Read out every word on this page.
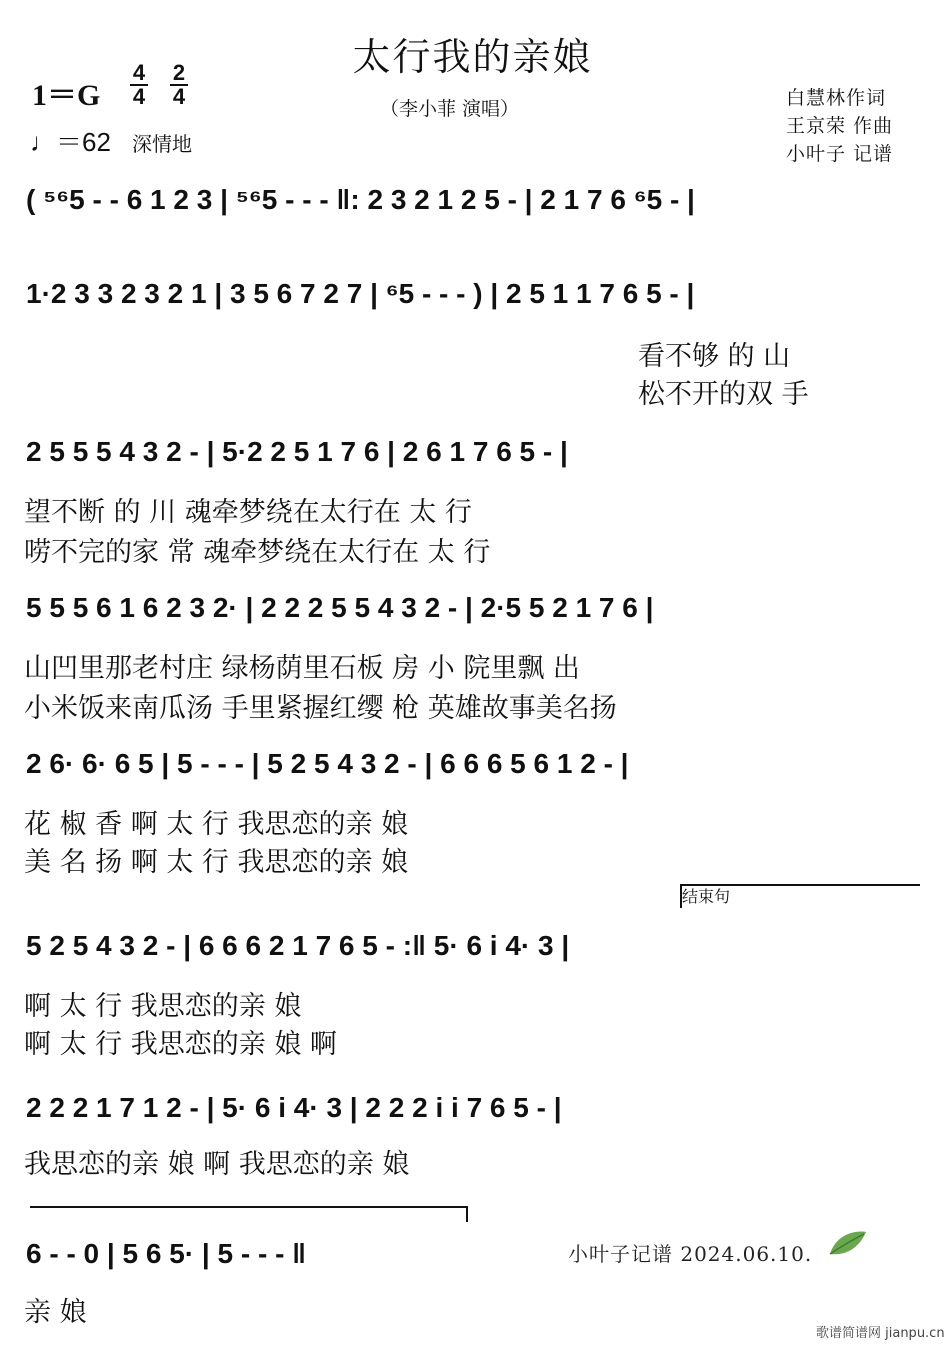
太行我的亲娘
（李小菲 演唱）	白慧林作词
王京荣 作曲
小叶子 记谱
1＝G
4
4
2
4
♩＝62 深情地
( ⁵⁶5 - - 6 1 2 3 | ⁵⁶5 - - - ‖: 2 3 2 1 2 5 - | 2 1 7 6 ⁶5 - |
1·2 3 3 2 3 2 1 | 3 5 6 7 2 7 | ⁶5 - - - ) | 2 5 1 1 7 6 5 - |
看不够 的 山
松不开的双 手
2 5 5 5 4 3 2 - | 5·2 2 5 1 7 6 | 2 6 1 7 6 5 - |
望不断 的 川 魂牵梦绕在太行在 太 行
唠不完的家 常 魂牵梦绕在太行在 太 行
5 5 5 6 1 6 2 3 2· | 2 2 2 5 5 4 3 2 - | 2·5 5 2 1 7 6 |
山凹里那老村庄 绿杨荫里石板 房 小 院里飘 出
小米饭来南瓜汤 手里紧握红缨 枪 英雄故事美名扬
2 6· 6· 6 5 | 5 - - - | 5 2 5 4 3 2 - | 6 6 6 5 6 1 2 - |
花 椒 香 啊 太 行 我思恋的亲 娘
美 名 扬 啊 太 行 我思恋的亲 娘
结束句
5 2 5 4 3 2 - | 6 6 6 2 1 7 6 5 - :‖ 5· 6 i 4· 3 |
啊 太 行 我思恋的亲 娘
啊 太 行 我思恋的亲 娘 啊
2 2 2 1 7 1 2 - | 5· 6 i 4· 3 | 2 2 2 i i 7 6 5 - |
我思恋的亲 娘 啊 我思恋的亲 娘
6 - - 0 | 5 6 5· | 5 - - - ‖
亲 娘
小叶子记谱 2024.06.10.
歌谱简谱网 jianpu.cn
